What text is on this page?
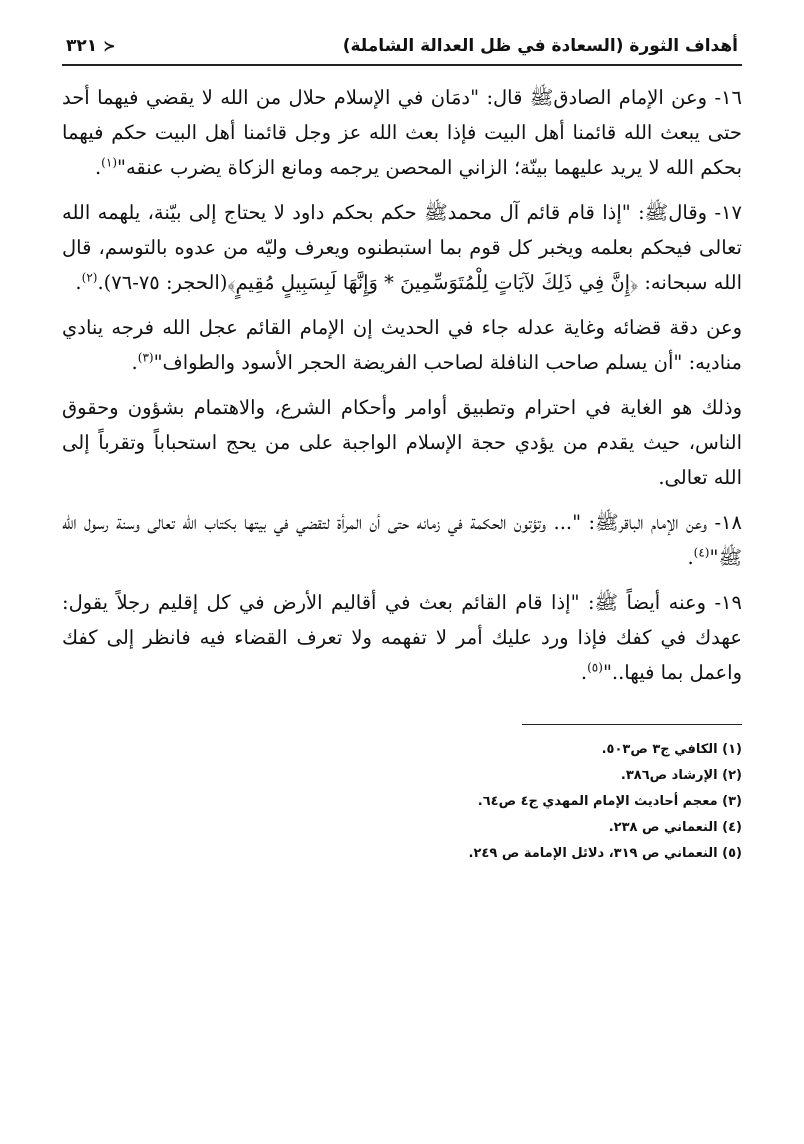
أهداف الثورة (السعادة في ظل العدالة الشاملة)
≺٣٢١

١٦- وعن الإمام الصادقﷺ قال: "دمَان في الإسلام حلال من الله لا يقضي فيهما أحد حتى يبعث الله قائمنا أهل البيت فإذا بعث الله عز وجل قائمنا أهل البيت حكم فيهما بحكم الله لا يريد عليهما بينّة؛ الزاني المحصن يرجمه ومانع الزكاة يضرب عنقه"$^{(١)}$.

١٧- وقالﷺ: "إذا قام قائم آل محمدﷺ حكم بحكم داود لا يحتاج إلى بيّنة، يلهمه الله تعالى فيحكم بعلمه ويخبر كل قوم بما استبطنوه ويعرف وليّه من عدوه بالتوسم، قال الله سبحانه: ﴿إِنَّ فِي ذَلِكَ لآيَاتٍ لِلْمُتَوَسِّمِينَ * وَإِنَّهَا لَبِسَبِيلٍ مُقِيمٍ﴾(الحجر: ٧٥-٧٦).$^{(٢)}$.

وعن دقة قضائه وغاية عدله جاء في الحديث إن الإمام القائم عجل الله فرجه ينادي مناديه: "أن يسلم صاحب النافلة لصاحب الفريضة الحجر الأسود والطواف"$^{(٣)}$.

وذلك هو الغاية في احترام وتطبيق أوامر وأحكام الشرع، والاهتمام بشؤون وحقوق الناس، حيث يقدم من يؤدي حجة الإسلام الواجبة على من يحج استحباباً وتقرباً إلى الله تعالى.

١٨- وعن الإمام الباقرﷺ: "... وتؤتون الحكمة في زمانه حتى أن المرأة لتقضي في بيتها بكتاب الله تعالى وسنة رسول الله ﷺ"$^{(٤)}$.

١٩- وعنه أيضاً ﷺ: "إذا قام القائم بعث في أقاليم الأرض في كل إقليم رجلاً يقول: عهدك في كفك فإذا ورد عليك أمر لا تفهمه ولا تعرف القضاء فيه فانظر إلى كفك واعمل بما فيها.."$^{(٥)}$.

(١) الكافي ج٣ ص٥٠٣.
(٢) الإرشاد ص٣٨٦.
(٣) معجم أحاديث الإمام المهدي ج٤ ص٦٤.
(٤) النعماني ص ٢٣٨.
(٥) النعماني ص ٣١٩، دلائل الإمامة ص ٢٤٩.
